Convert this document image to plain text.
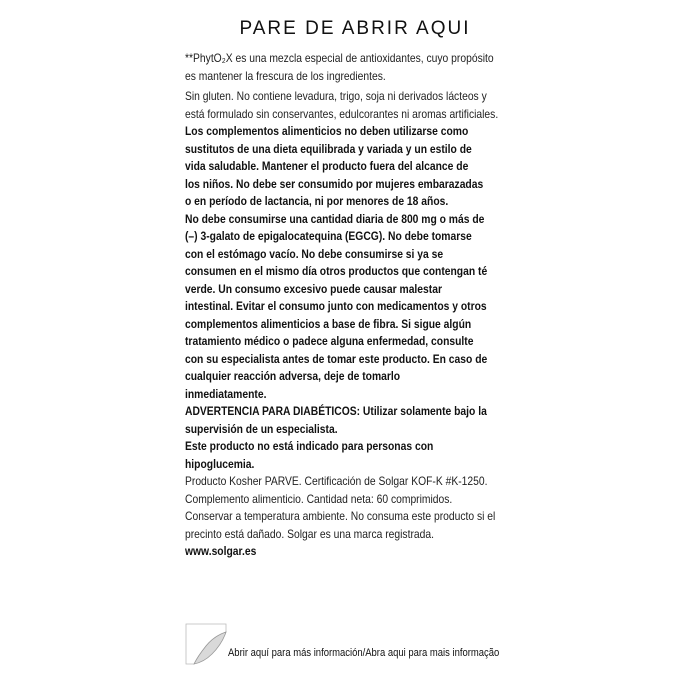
PARE DE ABRIR AQUI
**PhytO₂X es una mezcla especial de antioxidantes, cuyo propósito
es mantener la frescura de los ingredientes.
Sin gluten. No contiene levadura, trigo, soja ni derivados lácteos y
está formulado sin conservantes, edulcorantes ni aromas artificiales.
Los complementos alimenticios no deben utilizarse como
sustitutos de una dieta equilibrada y variada y un estilo de
vida saludable. Mantener el producto fuera del alcance de
los niños. No debe ser consumido por mujeres embarazadas
o en período de lactancia, ni por menores de 18 años.
No debe consumirse una cantidad diaria de 800 mg o más de
(–) 3-galato de epigalocatequina (EGCG). No debe tomarse
con el estómago vacío. No debe consumirse si ya se
consumen en el mismo día otros productos que contengan té
verde. Un consumo excesivo puede causar malestar
intestinal. Evitar el consumo junto con medicamentos y otros
complementos alimenticios a base de fibra. Si sigue algún
tratamiento médico o padece alguna enfermedad, consulte
con su especialista antes de tomar este producto. En caso de
cualquier reacción adversa, deje de tomarlo
inmediatamente.
ADVERTENCIA PARA DIABÉTICOS: Utilizar solamente bajo la
supervisión de un especialista.
Este producto no está indicado para personas con
hipoglucemia.
Producto Kosher PARVE. Certificación de Solgar KOF-K #K-1250.
Complemento alimenticio. Cantidad neta: 60 comprimidos.
Conservar a temperatura ambiente. No consuma este producto si el
precinto está dañado. Solgar es una marca registrada.
www.solgar.es
Abrir aquí para más información/Abra aqui para mais informação
